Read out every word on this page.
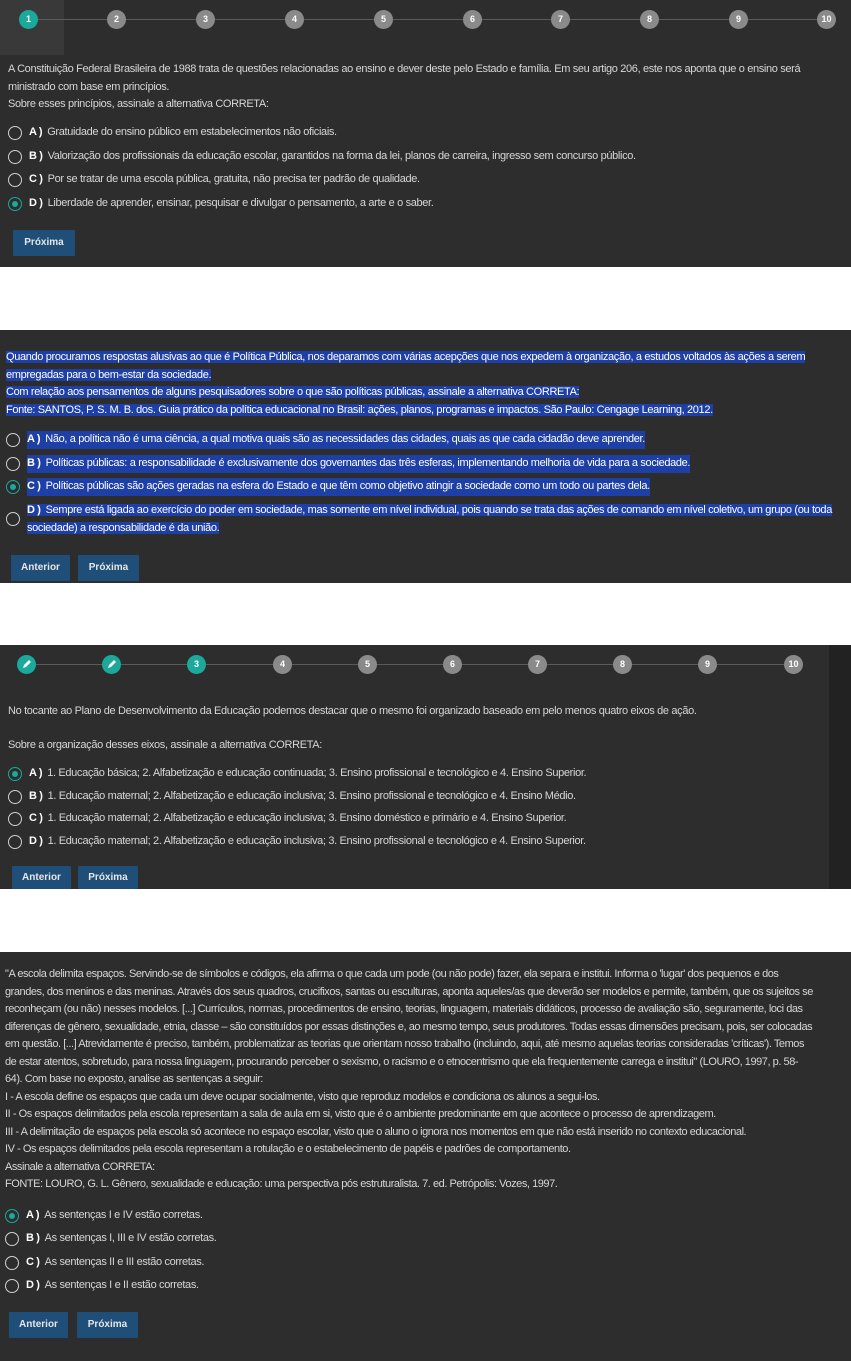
1	2	3	4	5	6	7	8	9	10

A Constituição Federal Brasileira de 1988 trata de questões relacionadas ao ensino e dever deste pelo Estado e família. Em seu artigo 206, este nos aponta que o ensino será

ministrado com base em princípios.

Sobre esses princípios, assinale a alternativa CORRETA:

A ) Gratuidade do ensino público em estabelecimentos não oficiais.
B ) Valorização dos profissionais da educação escolar, garantidos na forma da lei, planos de carreira, ingresso sem concurso público.
C ) Por se tratar de uma escola pública, gratuita, não precisa ter padrão de qualidade.
D ) Liberdade de aprender, ensinar, pesquisar e divulgar o pensamento, a arte e o saber.
Próxima

Quando procuramos respostas alusivas ao que é Política Pública, nos deparamos com várias acepções que nos expedem à organização, a estudos voltados às ações a serem

empregadas para o bem-estar da sociedade.

Com relação aos pensamentos de alguns pesquisadores sobre o que são políticas públicas, assinale a alternativa CORRETA:

Fonte: SANTOS, P. S. M. B. dos. Guia prático da política educacional no Brasil: ações, planos, programas e impactos. São Paulo: Cengage Learning, 2012.

A ) Não, a política não é uma ciência, a qual motiva quais são as necessidades das cidades, quais as que cada cidadão deve aprender.
B ) Políticas públicas: a responsabilidade é exclusivamente dos governantes das três esferas, implementando melhoria de vida para a sociedade.
C ) Políticas públicas são ações geradas na esfera do Estado e que têm como objetivo atingir a sociedade como um todo ou partes dela.
D ) Sempre está ligada ao exercício do poder em sociedade, mas somente em nível individual, pois quando se trata das ações de comando em nível coletivo, um grupo (ou toda
sociedade) a responsabilidade é da união.
Anterior	Próxima
3	4	5	6	7	8	9	10

No tocante ao Plano de Desenvolvimento da Educação podemos destacar que o mesmo foi organizado baseado em pelo menos quatro eixos de ação.

Sobre a organização desses eixos, assinale a alternativa CORRETA:

A ) 1. Educação básica; 2. Alfabetização e educação continuada; 3. Ensino profissional e tecnológico e 4. Ensino Superior.
B ) 1. Educação maternal; 2. Alfabetização e educação inclusiva; 3. Ensino profissional e tecnológico e 4. Ensino Médio.
C ) 1. Educação maternal; 2. Alfabetização e educação inclusiva; 3. Ensino doméstico e primário e 4. Ensino Superior.
D ) 1. Educação maternal; 2. Alfabetização e educação inclusiva; 3. Ensino profissional e tecnológico e 4. Ensino Superior.
Anterior	Próxima

"A escola delimita espaços. Servindo-se de símbolos e códigos, ela afirma o que cada um pode (ou não pode) fazer, ela separa e institui. Informa o 'lugar' dos pequenos e dos

grandes, dos meninos e das meninas. Através dos seus quadros, crucifixos, santas ou esculturas, aponta aqueles/as que deverão ser modelos e permite, também, que os sujeitos se

reconheçam (ou não) nesses modelos. [...] Currículos, normas, procedimentos de ensino, teorias, linguagem, materiais didáticos, processo de avaliação são, seguramente, loci das

diferenças de gênero, sexualidade, etnia, classe – são constituídos por essas distinções e, ao mesmo tempo, seus produtores. Todas essas dimensões precisam, pois, ser colocadas

em questão. [...] Atrevidamente é preciso, também, problematizar as teorias que orientam nosso trabalho (incluindo, aqui, até mesmo aquelas teorias consideradas 'críticas'). Temos

de estar atentos, sobretudo, para nossa linguagem, procurando perceber o sexismo, o racismo e o etnocentrismo que ela frequentemente carrega e institui" (LOURO, 1997, p. 58-

64). Com base no exposto, analise as sentenças a seguir:

I - A escola define os espaços que cada um deve ocupar socialmente, visto que reproduz modelos e condiciona os alunos a segui-los.

II - Os espaços delimitados pela escola representam a sala de aula em si, visto que é o ambiente predominante em que acontece o processo de aprendizagem.

III - A delimitação de espaços pela escola só acontece no espaço escolar, visto que o aluno o ignora nos momentos em que não está inserido no contexto educacional.

IV - Os espaços delimitados pela escola representam a rotulação e o estabelecimento de papéis e padrões de comportamento.

Assinale a alternativa CORRETA:

FONTE: LOURO, G. L. Gênero, sexualidade e educação: uma perspectiva pós estruturalista. 7. ed. Petrópolis: Vozes, 1997.

A ) As sentenças I e IV estão corretas.
B ) As sentenças I, III e IV estão corretas.
C ) As sentenças II e III estão corretas.
D ) As sentenças I e II estão corretas.
Anterior	Próxima
